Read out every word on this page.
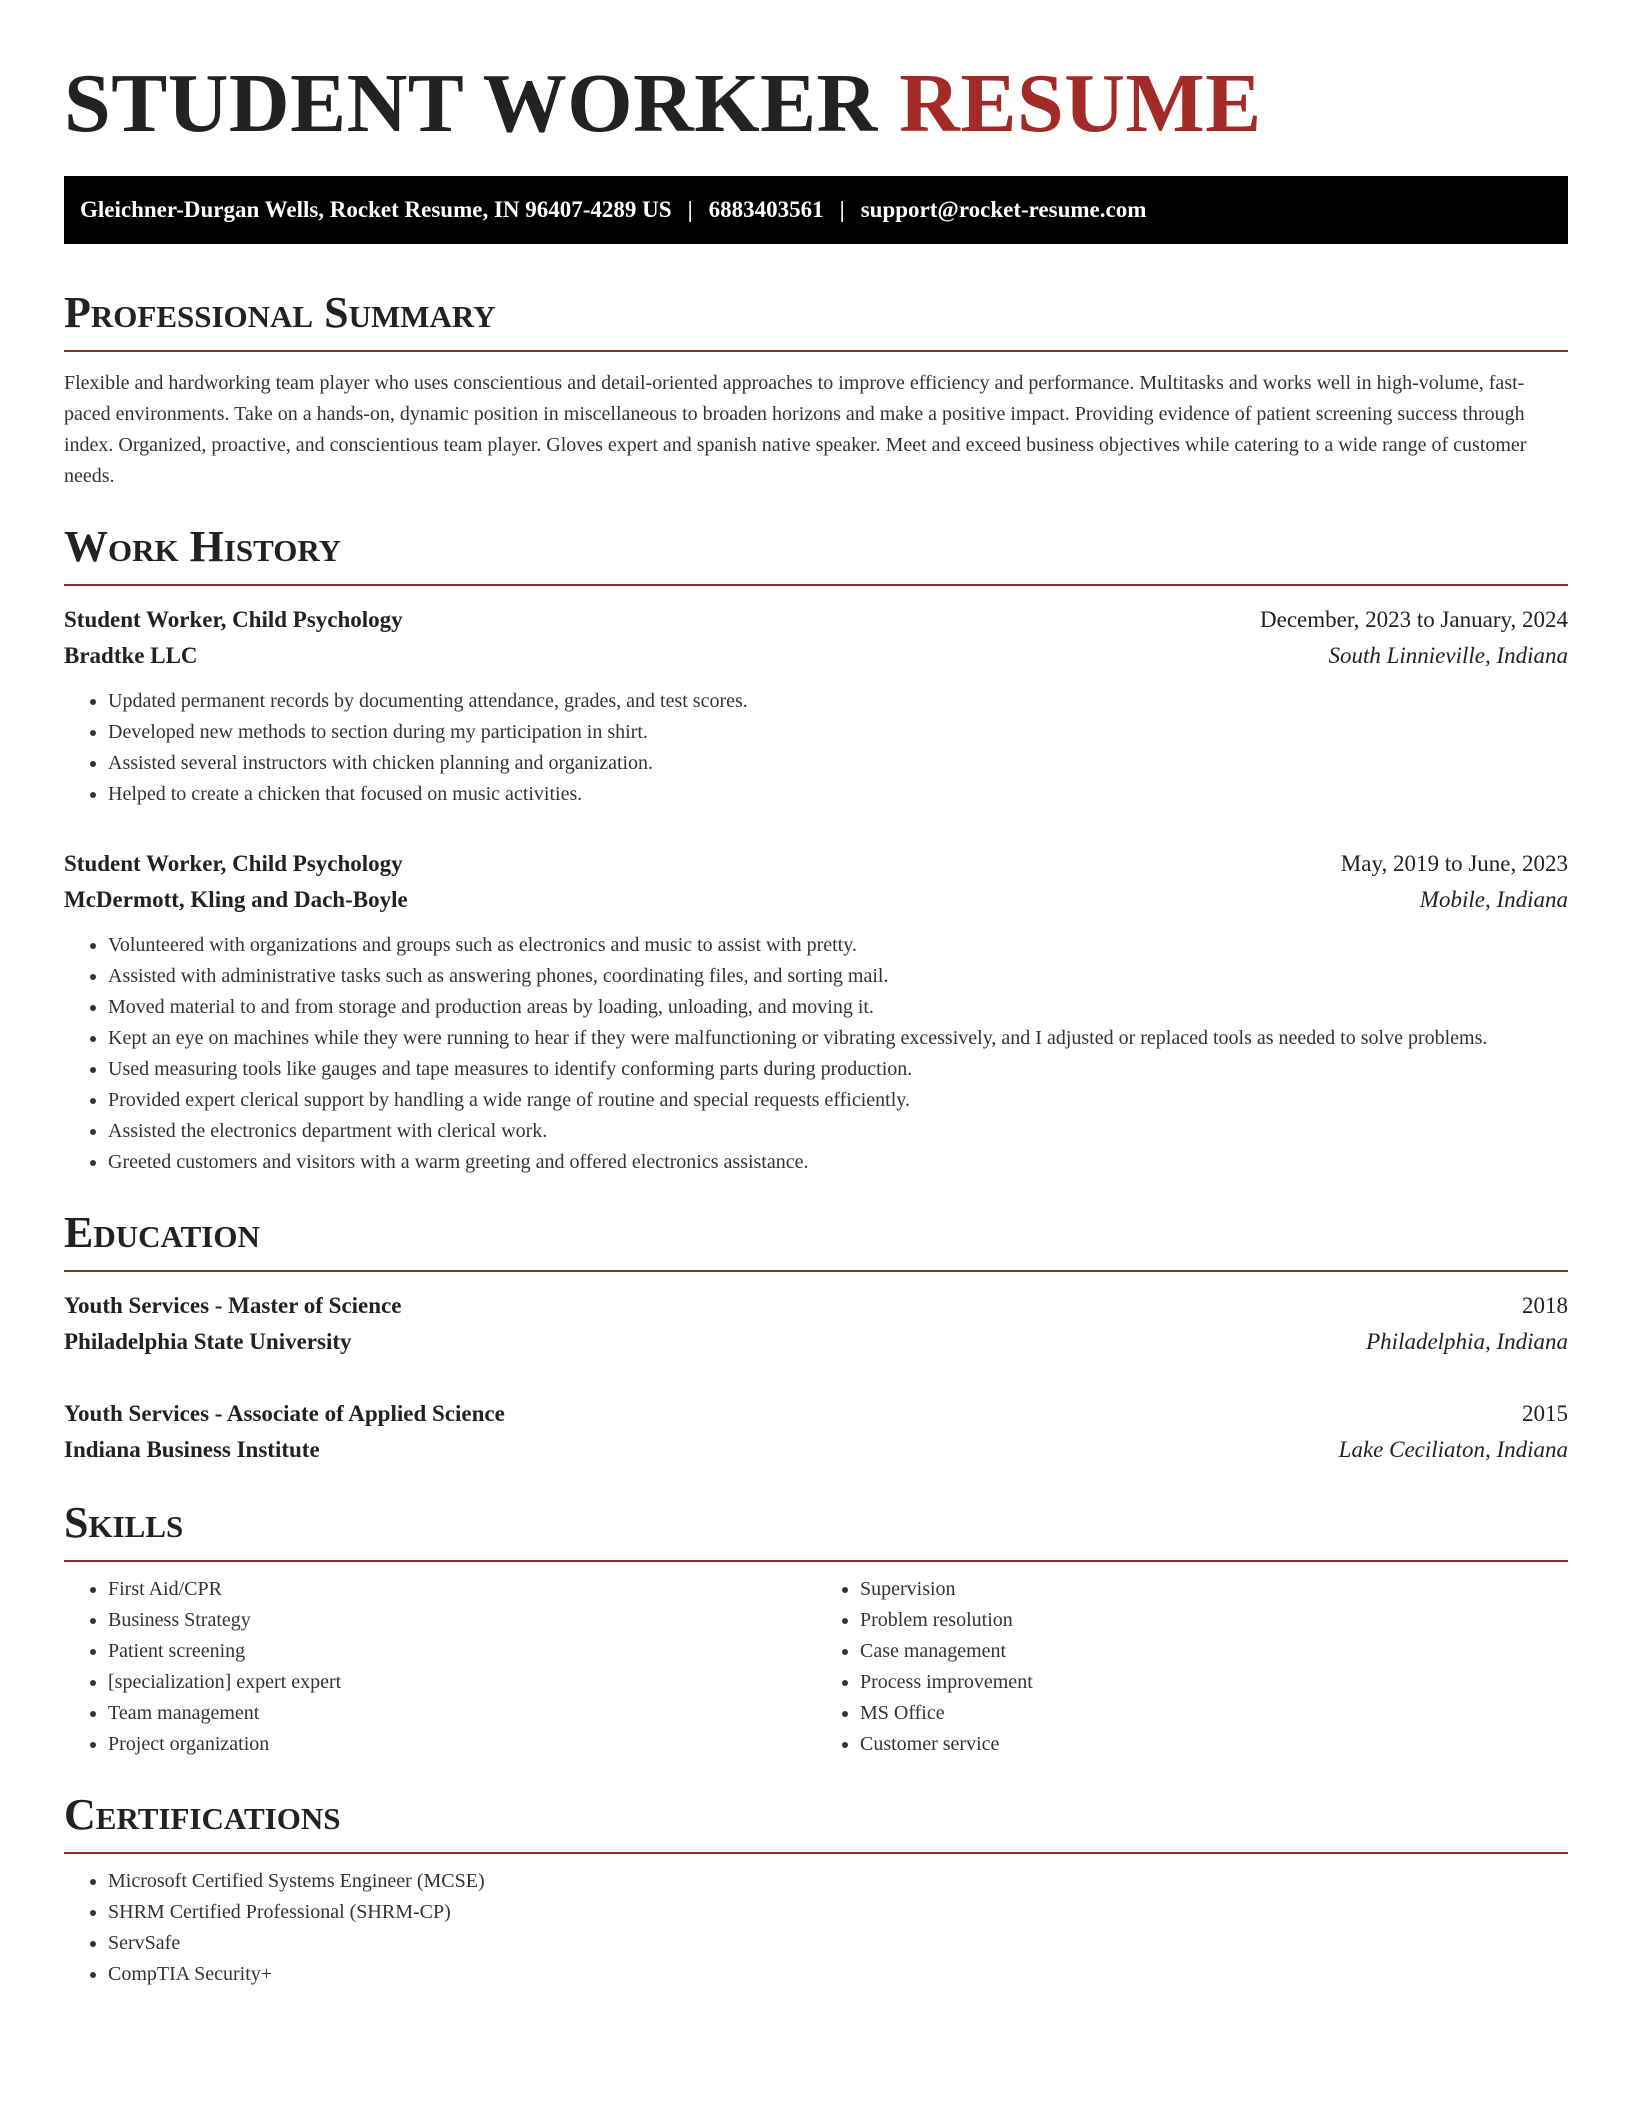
STUDENT WORKER RESUME
Gleichner-Durgan Wells, Rocket Resume, IN 96407-4289 US | 6883403561 | support@rocket-resume.com
Professional Summary

Flexible and hardworking team player who uses conscientious and detail-oriented approaches to improve efficiency and performance. Multitasks and works well in high-volume, fast-paced environments. Take on a hands-on, dynamic position in miscellaneous to broaden horizons and make a positive impact. Providing evidence of patient screening success through index. Organized, proactive, and conscientious team player. Gloves expert and spanish native speaker. Meet and exceed business objectives while catering to a wide range of customer needs.

Work History
Student Worker, Child Psychology	December, 2023 to January, 2024
Bradtke LLC	South Linnieville, Indiana
• Updated permanent records by documenting attendance, grades, and test scores.
• Developed new methods to section during my participation in shirt.
• Assisted several instructors with chicken planning and organization.
• Helped to create a chicken that focused on music activities.
Student Worker, Child Psychology	May, 2019 to June, 2023
McDermott, Kling and Dach-Boyle	Mobile, Indiana
• Volunteered with organizations and groups such as electronics and music to assist with pretty.
• Assisted with administrative tasks such as answering phones, coordinating files, and sorting mail.
• Moved material to and from storage and production areas by loading, unloading, and moving it.
• Kept an eye on machines while they were running to hear if they were malfunctioning or vibrating excessively, and I adjusted or replaced tools as needed to solve problems.
• Used measuring tools like gauges and tape measures to identify conforming parts during production.
• Provided expert clerical support by handling a wide range of routine and special requests efficiently.
• Assisted the electronics department with clerical work.
• Greeted customers and visitors with a warm greeting and offered electronics assistance.
Education
Youth Services - Master of Science	2018
Philadelphia State University	Philadelphia, Indiana
Youth Services - Associate of Applied Science	2015
Indiana Business Institute	Lake Ceciliaton, Indiana
Skills
• First Aid/CPR
• Business Strategy
• Patient screening
• [specialization] expert expert
• Team management
• Project organization
• Supervision
• Problem resolution
• Case management
• Process improvement
• MS Office
• Customer service
Certifications
• Microsoft Certified Systems Engineer (MCSE)
• SHRM Certified Professional (SHRM-CP)
• ServSafe
• CompTIA Security+
